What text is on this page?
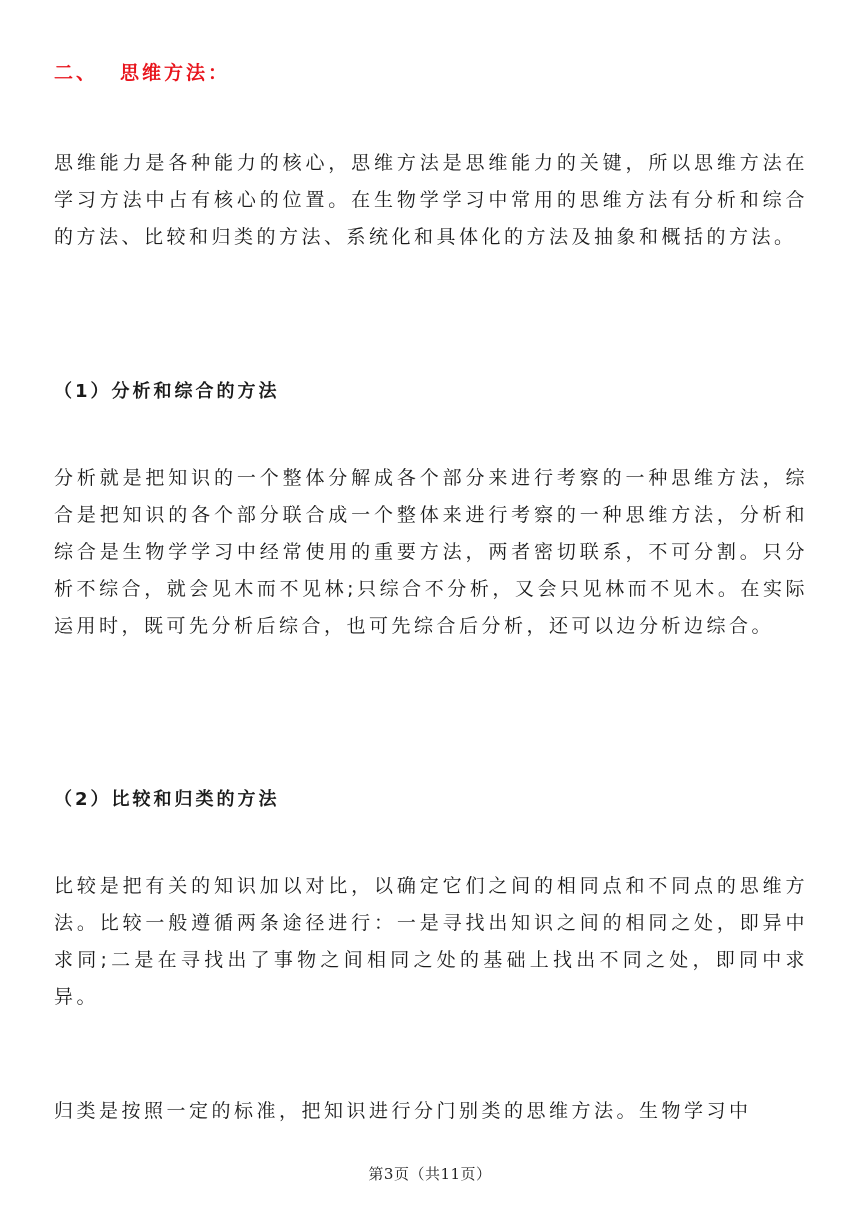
二、 思维方法：

思维能力是各种能力的核心，思维方法是思维能力的关键，所以思维方法在学习方法中占有核心的位置。在生物学学习中常用的思维方法有分析和综合的方法、比较和归类的方法、系统化和具体化的方法及抽象和概括的方法。

（1）分析和综合的方法

分析就是把知识的一个整体分解成各个部分来进行考察的一种思维方法，综合是把知识的各个部分联合成一个整体来进行考察的一种思维方法，分析和综合是生物学学习中经常使用的重要方法，两者密切联系，不可分割。只分析不综合，就会见木而不见林;只综合不分析，又会只见林而不见木。在实际运用时，既可先分析后综合，也可先综合后分析，还可以边分析边综合。

（2）比较和归类的方法

比较是把有关的知识加以对比，以确定它们之间的相同点和不同点的思维方法。比较一般遵循两条途径进行：一是寻找出知识之间的相同之处，即异中求同;二是在寻找出了事物之间相同之处的基础上找出不同之处，即同中求异。

归类是按照一定的标准，把知识进行分门别类的思维方法。生物学习中

第3页（共11页）
